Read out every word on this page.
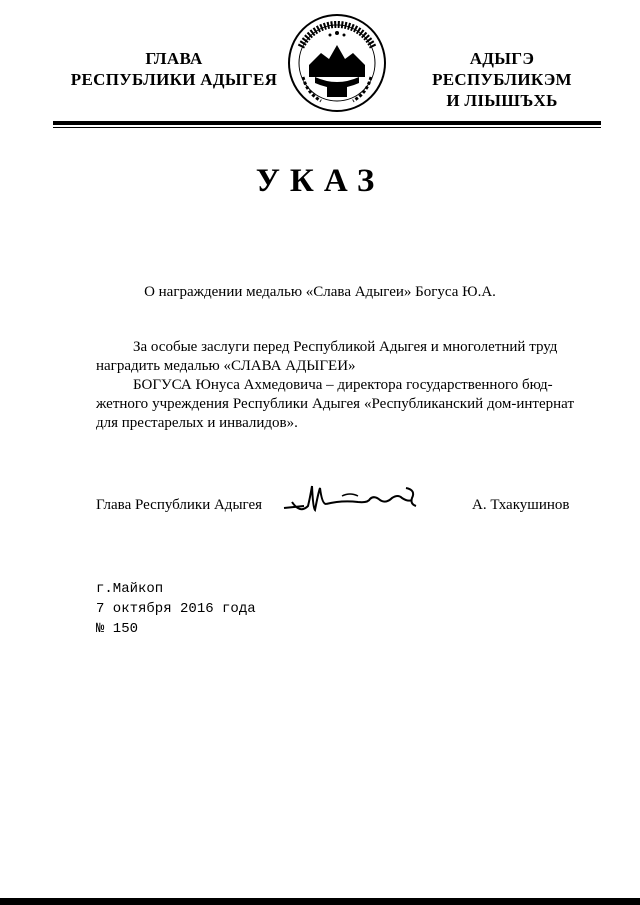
ГЛАВА
РЕСПУБЛИКИ АДЫГЕЯ
АДЫГЭ РЕСПУБЛИКЭМ
И ЛІЫШЪХЬ
УКАЗ
О награждении медалью «Слава Адыгеи» Богуса Ю.А.
За особые заслуги перед Республикой Адыгея и многолетний труд
наградить медалью «СЛАВА АДЫГЕИ»
БОГУСА Юнуса Ахмедовича – директора государственного бюд-
жетного учреждения Республики Адыгея «Республиканский дом-интернат
для престарелых и инвалидов».
Глава Республики Адыгея	А. Тхакушинов
г.Майкоп
7 октября 2016 года
№ 150
